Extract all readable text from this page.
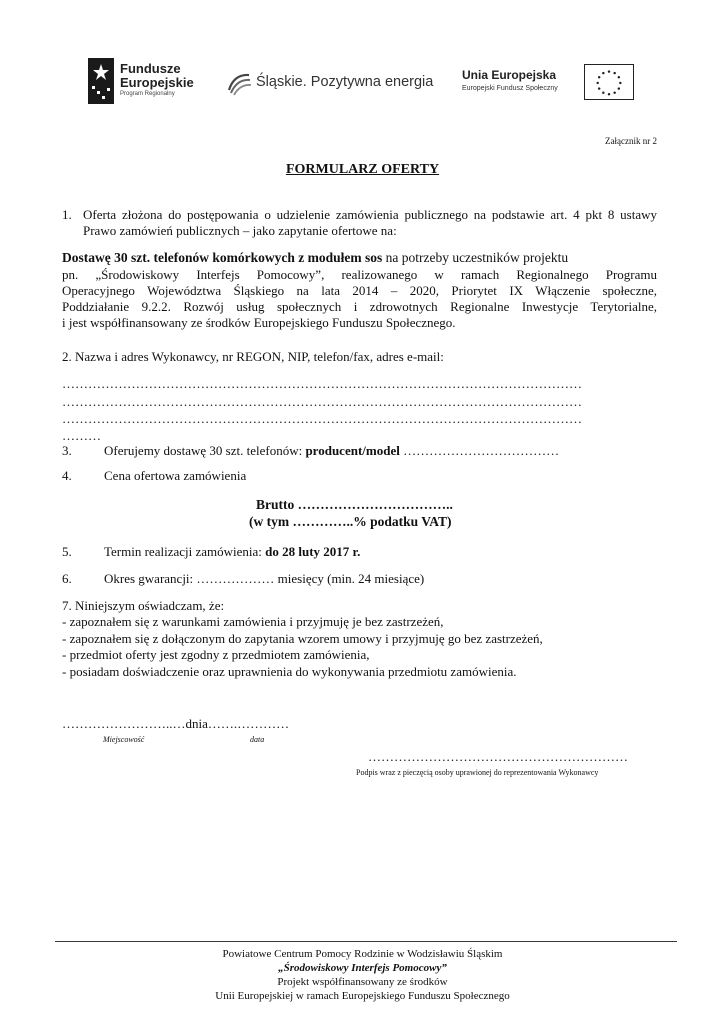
Fundusze
Europejskie
Program Regionalny
Śląskie. Pozytywna energia Unia Europejska
Europejski Fundusz Społeczny
Załącznik nr 2
FORMULARZ OFERTY
1. Oferta złożona do postępowania o udzielenie zamówienia publicznego na podstawie art. 4 pkt 8 ustawy
Prawo zamówień publicznych – jako zapytanie ofertowe na:
Dostawę 30 szt. telefonów komórkowych z modułem sos na potrzeby uczestników projektu
pn. „Środowiskowy Interfejs Pomocowy”, realizowanego w ramach Regionalnego Programu
Operacyjnego Województwa Śląskiego na lata 2014 – 2020, Priorytet IX Włączenie społeczne,
Poddziałanie 9.2.2. Rozwój usług społecznych i zdrowotnych Regionalne Inwestycje Terytorialne,
i jest współfinansowany ze środków Europejskiego Funduszu Społecznego.
2. Nazwa i adres Wykonawcy, nr REGON, NIP, telefon/fax, adres e-mail:
…………………………………………………………………………………………………………
…………………………………………………………………………………………………………
…………………………………………………………………………………………………………
………
3. Oferujemy dostawę 30 szt. telefonów: producent/model ………………………………
4. Cena ofertowa zamówienia
Brutto ……………………………..
(w tym …………..% podatku VAT)
5. Termin realizacji zamówienia: do 28 luty 2017 r.
6. Okres gwarancji: ……………… miesięcy (min. 24 miesiące)
7. Niniejszym oświadczam, że:
- zapoznałem się z warunkami zamówienia i przyjmuję je bez zastrzeżeń,
- zapoznałem się z dołączonym do zapytania wzorem umowy i przyjmuję go bez zastrzeżeń,
- przedmiot oferty jest zgodny z przedmiotem zamówienia,
- posiadam doświadczenie oraz uprawnienia do wykonywania przedmiotu zamówienia.
……………………..…dnia…….…………
Miejscowość	data
……………………………………………………
Podpis wraz z pieczęcią osoby uprawionej do reprezentowania Wykonawcy
Powiatowe Centrum Pomocy Rodzinie w Wodzisławiu Śląskim
„Środowiskowy Interfejs Pomocowy”
Projekt współfinansowany ze środków
Unii Europejskiej w ramach Europejskiego Funduszu Społecznego
